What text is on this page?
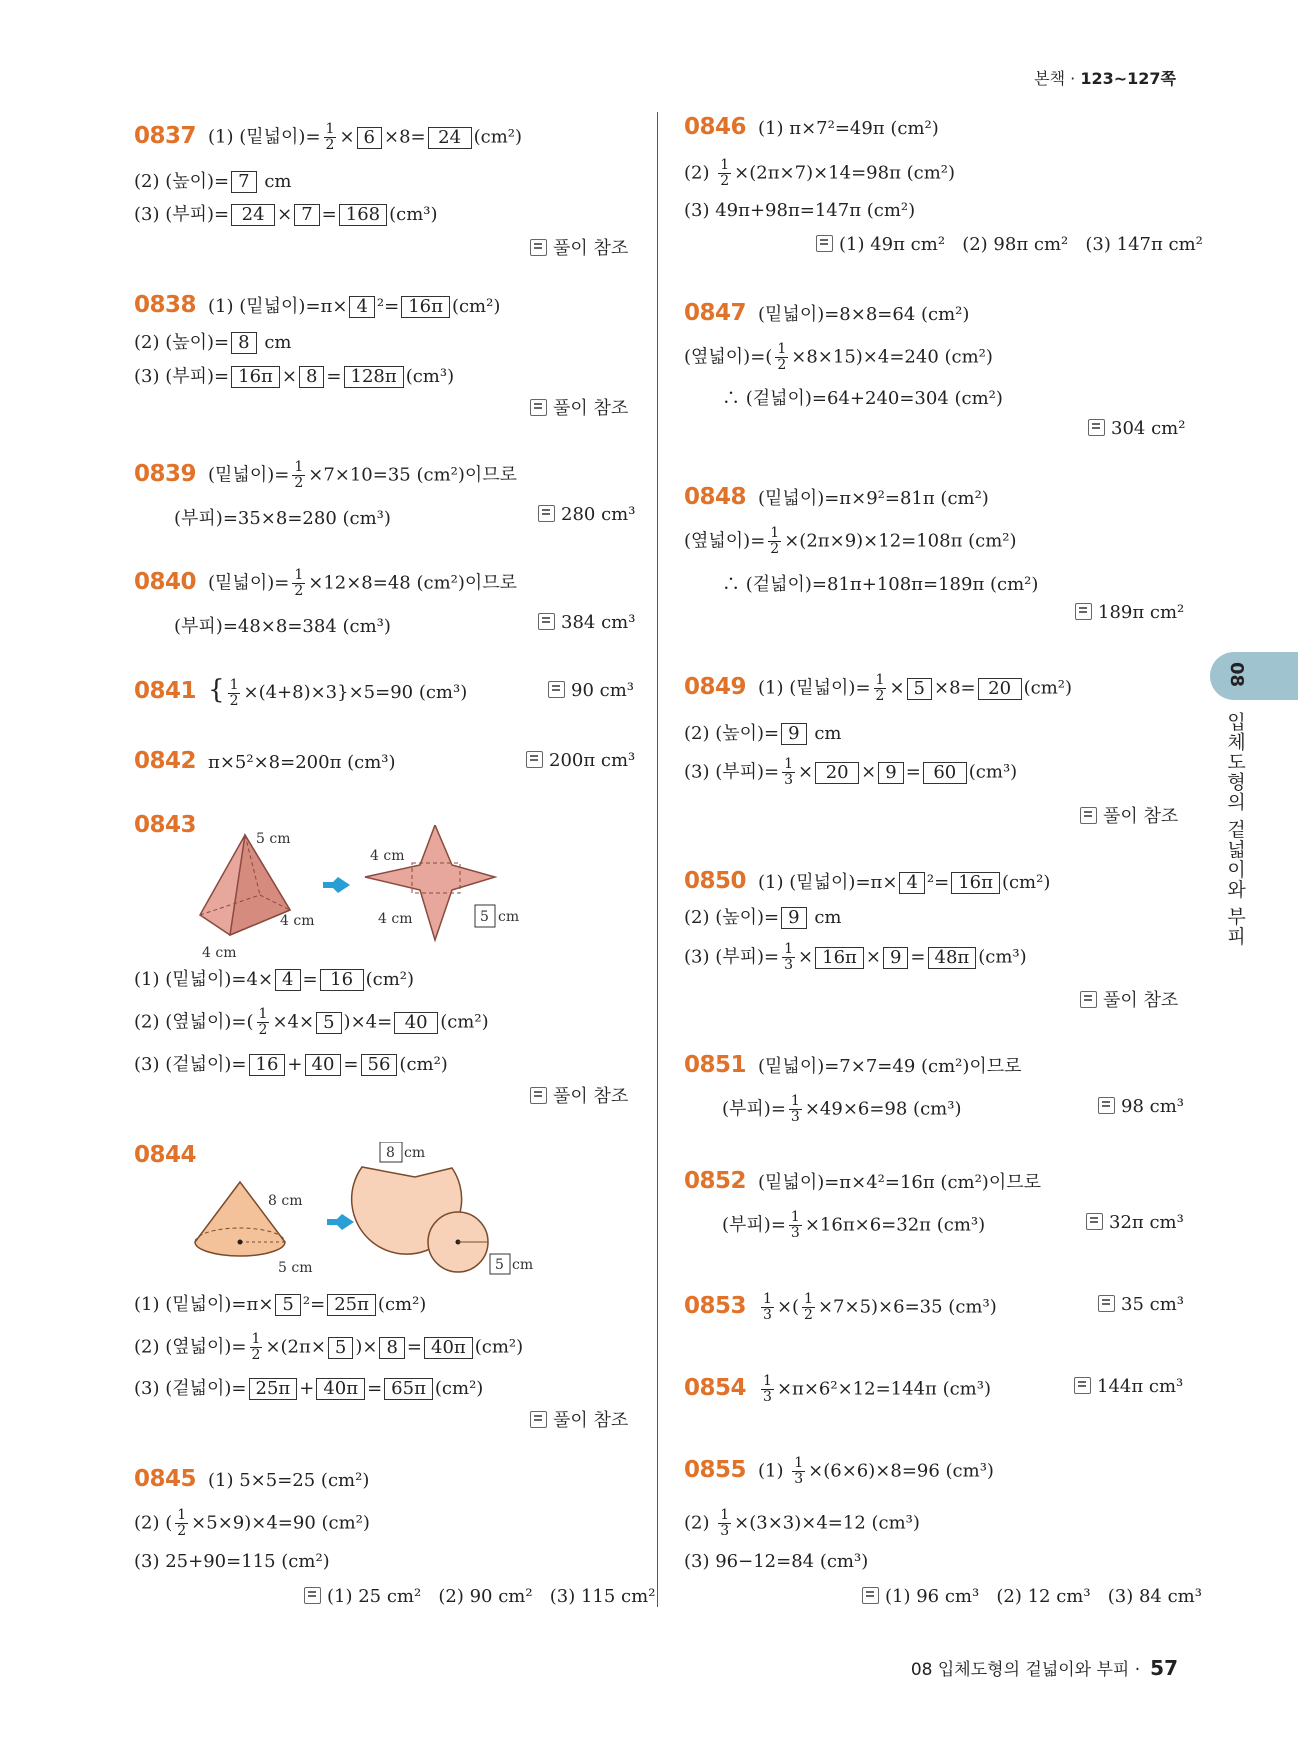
본책 · 123~127쪽
08
입체도형의 겉넓이와 부피
0837 (1) (밑넓이)= $\frac{1}{2} \times 6 \times 8= 24$ (cm²)
(2) (높이)= 7 cm
(3) (부피)= 24 × 7 = 168 (cm³)
풀이 참조
0838 (1) (밑넓이)=π× 4 ²= 16π (cm²)
(2) (높이)= 8 cm
(3) (부피)= 16π × 8 = 128π (cm³)
풀이 참조
0839 (밑넓이)= $\frac{1}{2} \times 7\times 10=35$ (cm²)이므로
(부피)=35×8=280 (cm³)	280 cm³
0840 (밑넓이)= $\frac{1}{2} \times 12\times 8=48$ (cm²)이므로
(부피)=48×8=384 (cm³)	384 cm³
0841 { $\frac{1}{2} \times(4+8)\times 3\}\times 5=90$ (cm³)	90 cm³
0842 π×5²×8=200π (cm³)	200π cm³
0843
5 cm
4 cm
4 cm
4 cm
4 cm	5 cm
(1) (밑넓이)=4× 4 = 16 (cm²)
(2) (옆넓이)=( $\frac{1}{2} \times 4\times 5$ )×4= 40 (cm²)
(3) (겉넓이)= 16 + 40 = 56 (cm²)
풀이 참조
0844
8 cm
5 cm
8 cm
5 cm
(1) (밑넓이)=π× 5 ²= 25π (cm²)
(2) (옆넓이)= $\frac{1}{2} \times(2\pi\times 5$ )× 8 = 40π (cm²)
(3) (겉넓이)= 25π + 40π = 65π (cm²)
풀이 참조
0845 (1) 5×5=25 (cm²)
(2) ( $\frac{1}{2} \times 5\times 9)\times 4=90$ (cm²)
(3) 25+90=115 (cm²)
(1) 25 cm²   (2) 90 cm²   (3) 115 cm²
0846 (1) π×7²=49π (cm²)
$(2) \frac{1}{2} \times(2\pi\times 7)\times 14=98\pi$ (cm²)
(3) 49π+98π=147π (cm²)
(1) 49π cm²   (2) 98π cm²   (3) 147π cm²
0847 (밑넓이)=8×8=64 (cm²)
(옆넓이)=( $\frac{1}{2} \times 8\times 15)\times 4=240$ (cm²)
∴ (겉넓이)=64+240=304 (cm²)
304 cm²
0848 (밑넓이)=π×9²=81π (cm²)
(옆넓이)= $\frac{1}{2} \times(2\pi\times 9)\times 12=108\pi$ (cm²)
∴ (겉넓이)=81π+108π=189π (cm²)
189π cm²
0849 (1) (밑넓이)= $\frac{1}{2} \times 5 \times 8= 20$ (cm²)
(2) (높이)= 9 cm
(3) (부피)= $\frac{1}{3} \times 20 \times 9 = 60$ (cm³)
풀이 참조
0850 (1) (밑넓이)=π× 4 ²= 16π (cm²)
(2) (높이)= 9 cm
(3) (부피)= $\frac{1}{3} \times 16\pi \times 9 = 48\pi$ (cm³)
풀이 참조
0851 (밑넓이)=7×7=49 (cm²)이므로
(부피)= $\frac{1}{3} \times 49\times 6=98$ (cm³)	98 cm³
0852 (밑넓이)=π×4²=16π (cm²)이므로
(부피)= $\frac{1}{3} \times 16\pi\times 6=32\pi$ (cm³)	32π cm³
$0853 \frac{1}{3}$ ×( $\frac{1}{2} \times 7\times 5)\times 6=35$ (cm³)	35 cm³
$0854 \frac{1}{3} \times\pi\times 6^2\times 12=144\pi$ (cm³)	144π cm³
0855 $(1) \frac{1}{3} \times(6\times 6)\times 8=96$ (cm³)
$(2) \frac{1}{3} \times(3\times 3)\times 4=12$ (cm³)
(3) 96−12=84 (cm³)
(1) 96 cm³   (2) 12 cm³   (3) 84 cm³
08 입체도형의 겉넓이와 부피 · 57
